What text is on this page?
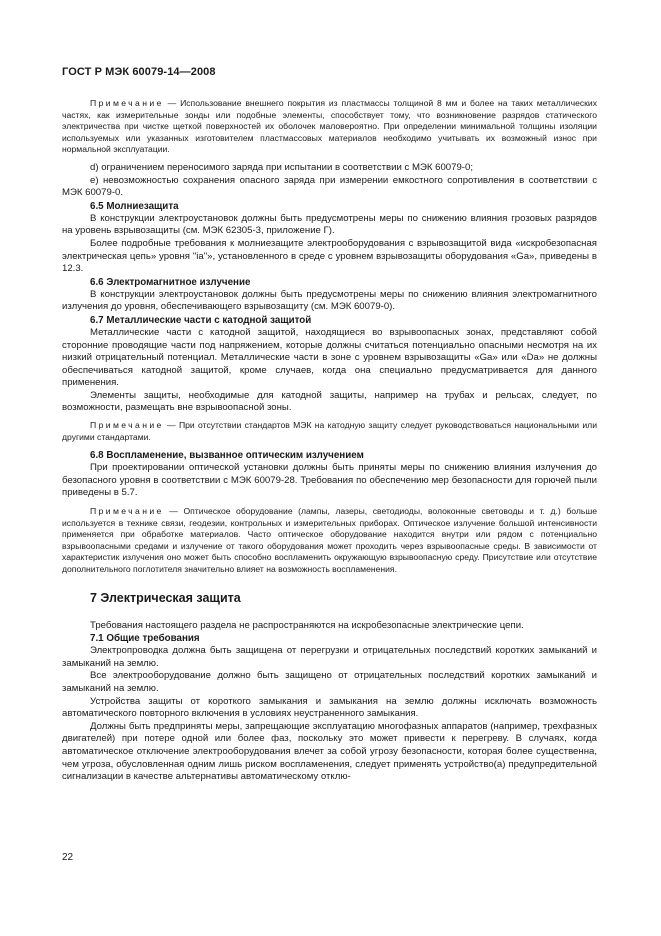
ГОСТ Р МЭК 60079-14—2008

Примечание — Использование внешнего покрытия из пластмассы толщиной 8 мм и более на таких металлических частях, как измерительные зонды или подобные элементы, способствует тому, что возникновение разрядов статического электричества при чистке щеткой поверхностей их оболочек маловероятно. При определении минимальной толщины изоляции используемых или указанных изготовителем пластмассовых материалов необходимо учитывать их возможный износ при нормальной эксплуатации.

d) ограничением переносимого заряда при испытании в соответствии с МЭК 60079-0;

e) невозможностью сохранения опасного заряда при измерении емкостного сопротивления в соответствии с МЭК 60079-0.

6.5 Молниезащита

В конструкции электроустановок должны быть предусмотрены меры по снижению влияния грозовых разрядов на уровень взрывозащиты (см. МЭК 62305-3, приложение Г).

Более подробные требования к молниезащите электрооборудования с взрывозащитой вида «искробезопасная электрическая цепь» уровня "ia"», установленного в среде с уровнем взрывозащиты оборудования «Ga», приведены в 12.3.

6.6 Электромагнитное излучение

В конструкции электроустановок должны быть предусмотрены меры по снижению влияния электромагнитного излучения до уровня, обеспечивающего взрывозащиту (см. МЭК 60079-0).

6.7 Металлические части с катодной защитой

Металлические части с катодной защитой, находящиеся во взрывоопасных зонах, представляют собой сторонние проводящие части под напряжением, которые должны считаться потенциально опасными несмотря на их низкий отрицательный потенциал. Металлические части в зоне с уровнем взрывозащиты «Ga» или «Da» не должны обеспечиваться катодной защитой, кроме случаев, когда она специально предусматривается для данного применения.

Элементы защиты, необходимые для катодной защиты, например на трубах и рельсах, следует, по возможности, размещать вне взрывоопасной зоны.

Примечание — При отсутствии стандартов МЭК на катодную защиту следует руководствоваться национальными или другими стандартами.

6.8 Воспламенение, вызванное оптическим излучением

При проектировании оптической установки должны быть приняты меры по снижению влияния излучения до безопасного уровня в соответствии с МЭК 60079-28. Требования по обеспечению мер безопасности для горючей пыли приведены в 5.7.

Примечание — Оптическое оборудование (лампы, лазеры, светодиоды, волоконные световоды и т. д.) больше используется в технике связи, геодезии, контрольных и измерительных приборах. Оптическое излучение большой интенсивности применяется при обработке материалов. Часто оптическое оборудование находится внутри или рядом с потенциально взрывоопасными средами и излучение от такого оборудования может проходить через взрывоопасные среды. В зависимости от характеристик излучения оно может быть способно воспламенить окружающую взрывоопасную среду. Присутствие или отсутствие дополнительного поглотителя значительно влияет на возможность воспламенения.

7 Электрическая защита

Требования настоящего раздела не распространяются на искробезопасные электрические цепи.

7.1 Общие требования

Электропроводка должна быть защищена от перегрузки и отрицательных последствий коротких замыканий и замыканий на землю.

Все электрооборудование должно быть защищено от отрицательных последствий коротких замыканий и замыканий на землю.

Устройства защиты от короткого замыкания и замыкания на землю должны исключать возможность автоматического повторного включения в условиях неустраненного замыкания.

Должны быть предприняты меры, запрещающие эксплуатацию многофазных аппаратов (например, трехфазных двигателей) при потере одной или более фаз, поскольку это может привести к перегреву. В случаях, когда автоматическое отключение электрооборудования влечет за собой угрозу безопасности, которая более существенна, чем угроза, обусловленная одним лишь риском воспламенения, следует применять устройство(а) предупредительной сигнализации в качестве альтернативы автоматическому отклю-

22
